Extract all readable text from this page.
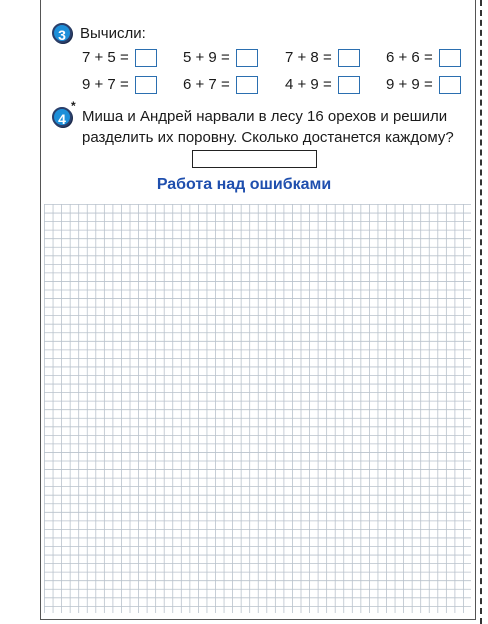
3 Вычисли:
7 + 5 =	5 + 9 =	7 + 8 =	6 + 6 =
9 + 7 =	6 + 7 =	4 + 9 =	9 + 9 =
4
*
Миша и Андрей нарвали в лесу 16 орехов и решили
разделить их поровну. Сколько достанется каждому?
Работа над ошибками
